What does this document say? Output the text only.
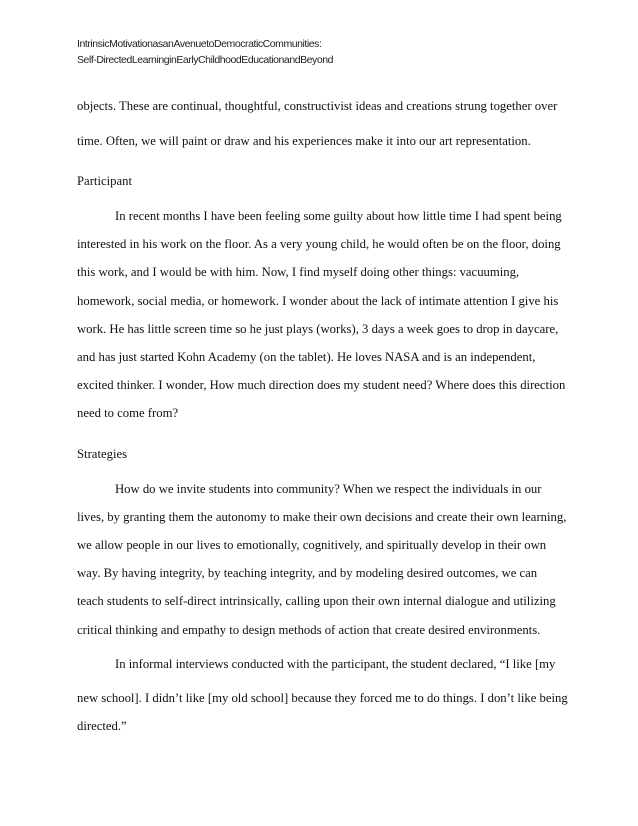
IntrinsicMotivationasanAvenuetoDemocraticCommunities:
Self-DirectedLearninginEarlyChildhoodEducationandBeyond
objects. These are continual, thoughtful, constructivist ideas and creations strung together over
time. Often, we will paint or draw and his experiences make it into our art representation.
Participant
In recent months I have been feeling some guilty about how little time I had spent being
interested in his work on the floor. As a very young child, he would often be on the floor, doing
this work, and I would be with him. Now, I find myself doing other things: vacuuming,
homework, social media, or homework. I wonder about the lack of intimate attention I give his
work. He has little screen time so he just plays (works), 3 days a week goes to drop in daycare,
and has just started Kohn Academy (on the tablet). He loves NASA and is an independent,
excited thinker. I wonder, How much direction does my student need? Where does this direction
need to come from?
Strategies
How do we invite students into community? When we respect the individuals in our
lives, by granting them the autonomy to make their own decisions and create their own learning,
we allow people in our lives to emotionally, cognitively, and spiritually develop in their own
way. By having integrity, by teaching integrity, and by modeling desired outcomes, we can
teach students to self-direct intrinsically, calling upon their own internal dialogue and utilizing
critical thinking and empathy to design methods of action that create desired environments.
In informal interviews conducted with the participant, the student declared, “I like [my
new school]. I didn’t like [my old school] because they forced me to do things. I don’t like being
directed.”
